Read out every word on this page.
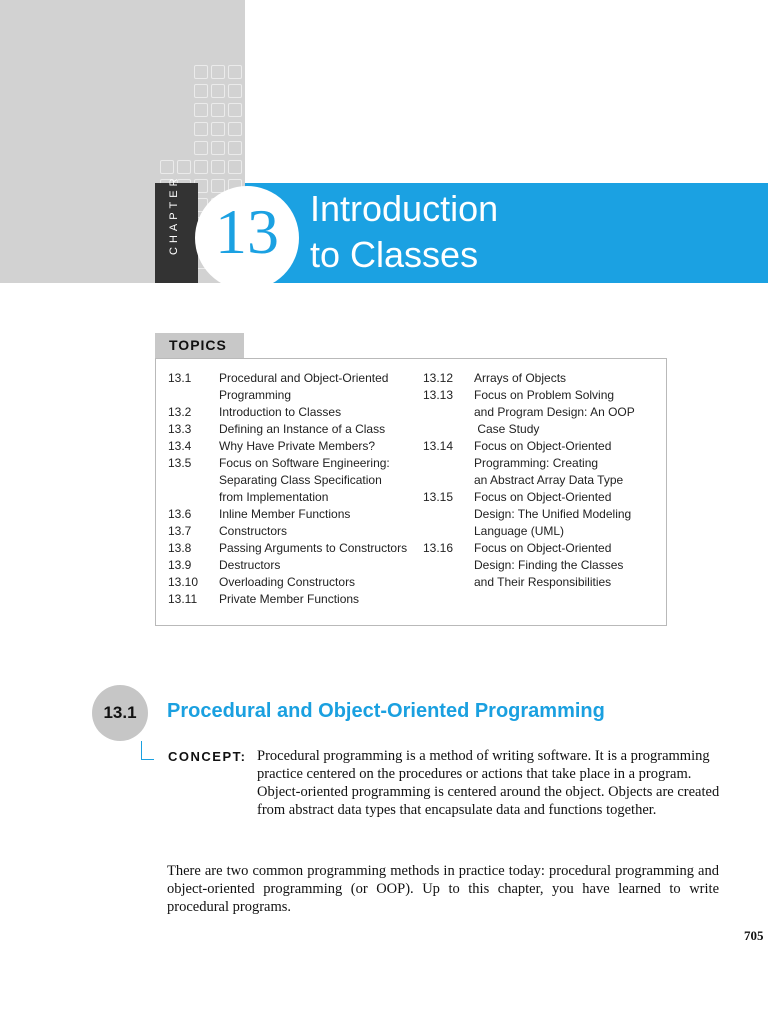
13 Introduction
to Classes
TOPICS
13.1 Procedural and Object-Oriented
Programming
13.2 Introduction to Classes
13.3 Defining an Instance of a Class
13.4 Why Have Private Members?
13.5 Focus on Software Engineering:
Separating Class Specification
from Implementation
13.6 Inline Member Functions
13.7 Constructors
13.8 Passing Arguments to Constructors
13.9 Destructors
13.10 Overloading Constructors
13.11 Private Member Functions
13.12 Arrays of Objects
13.13 Focus on Problem Solving
and Program Design: An OOP
Case Study
13.14 Focus on Object-Oriented
Programming: Creating
an Abstract Array Data Type
13.15 Focus on Object-Oriented
Design: The Unified Modeling
Language (UML)
13.16 Focus on Object-Oriented
Design: Finding the Classes
and Their Responsibilities
13.1	Procedural and Object-Oriented Programming
CONCEPT: Procedural programming is a method of writing software. It is a programming practice centered on the procedures or actions that take place in a program. Object-oriented programming is centered around the object. Objects are created from abstract data types that encapsulate data and functions together.
There are two common programming methods in practice today: procedural programming and object-oriented programming (or OOP). Up to this chapter, you have learned to write procedural programs.
705
